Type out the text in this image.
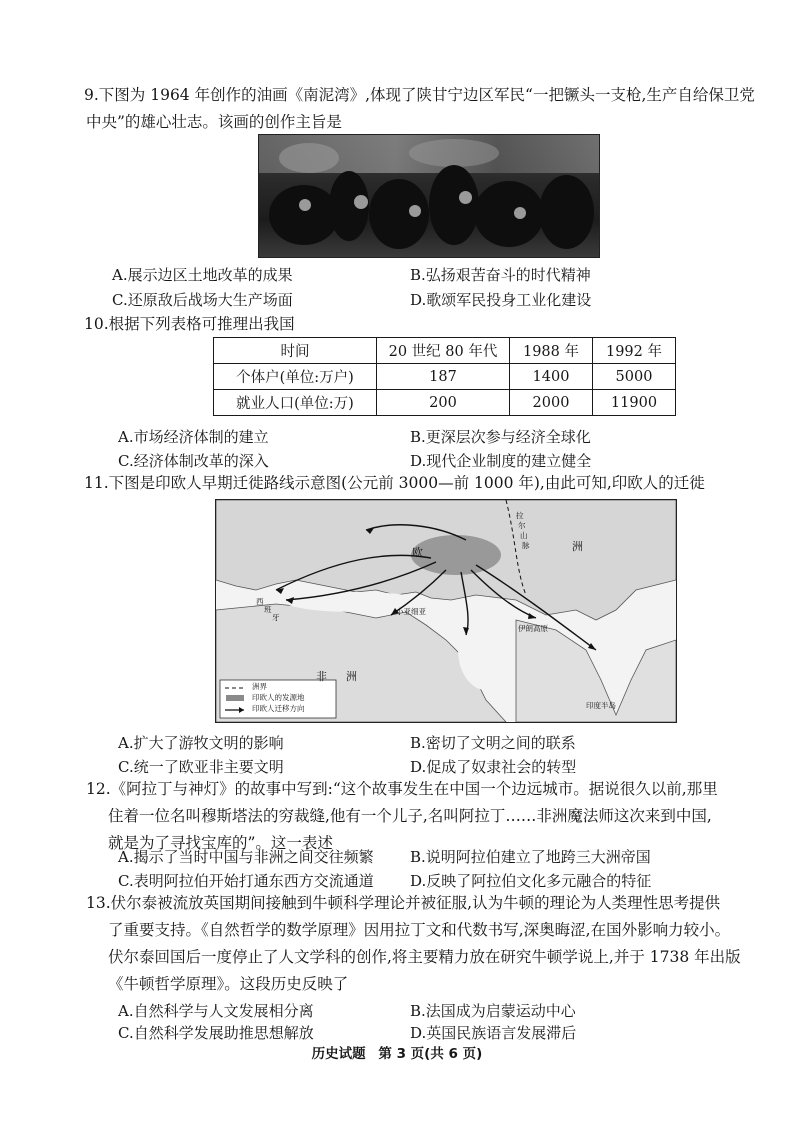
9.下图为 1964 年创作的油画《南泥湾》,体现了陕甘宁边区军民“一把镢头一支枪,生产自给保卫党中央”的雄心壮志。该画的创作主旨是

A.展示边区土地改革的成果	B.弘扬艰苦奋斗的时代精神
C.还原敌后战场大生产场面	D.歌颂军民投身工业化建设

10.根据下列表格可推理出我国

时间	20 世纪 80 年代	1988 年	1992 年
个体户(单位:万户)	187	1400	5000
就业人口(单位:万)	200	2000	11900
A.市场经济体制的建立	B.更深层次参与经济全球化
C.经济体制改革的深入	D.现代企业制度的建立健全

11.下图是印欧人早期迁徙路线示意图(公元前 3000—前 1000 年),由此可知,印欧人的迁徙

洲界
印欧人的发源地
印欧人迁移方向
欧	洲
非 洲
印度半岛
伊朗高原
小亚细亚
西
班
牙
拉
尔
山
脉
A.扩大了游牧文明的影响	B.密切了文明之间的联系
C.统一了欧亚非主要文明	D.促成了奴隶社会的转型
12.《阿拉丁与神灯》的故事中写到:“这个故事发生在中国一个边远城市。据说很久以前,那里
住着一位名叫穆斯塔法的穷裁缝,他有一个儿子,名叫阿拉丁……非洲魔法师这次来到中国,
就是为了寻找宝库的”。这一表述
A.揭示了当时中国与非洲之间交往频繁 B.说明阿拉伯建立了地跨三大洲帝国
C.表明阿拉伯开始打通东西方交流通道 D.反映了阿拉伯文化多元融合的特征
13.伏尔泰被流放英国期间接触到牛顿科学理论并被征服,认为牛顿的理论为人类理性思考提供
了重要支持。《自然哲学的数学原理》因用拉丁文和代数书写,深奥晦涩,在国外影响力较小。
伏尔泰回国后一度停止了人文学科的创作,将主要精力放在研究牛顿学说上,并于 1738 年出版
《牛顿哲学原理》。这段历史反映了
A.自然科学与人文发展相分离	B.法国成为启蒙运动中心
C.自然科学发展助推思想解放	D.英国民族语言发展滞后
历史试题 第 3 页(共 6 页)
